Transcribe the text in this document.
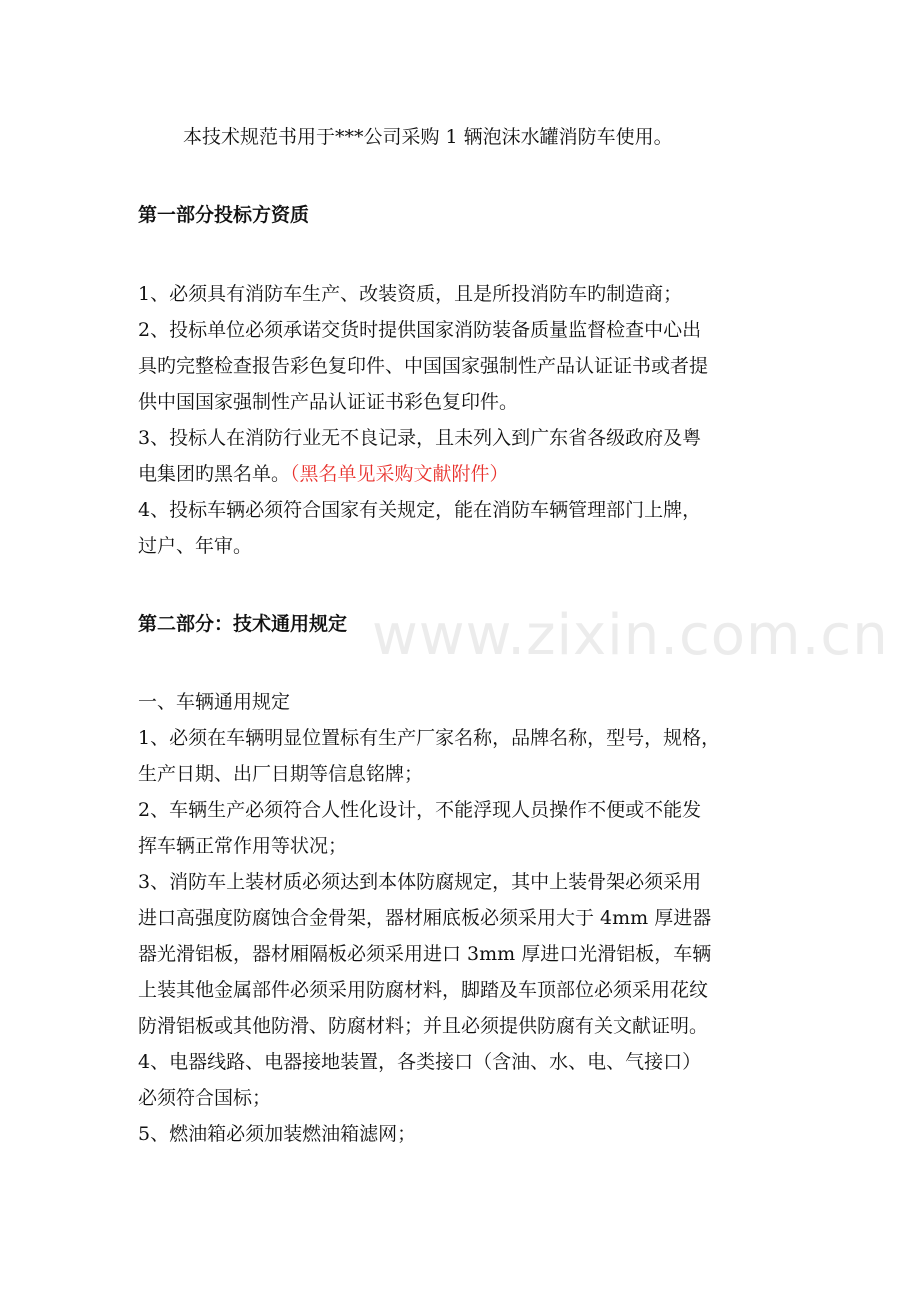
www.zixin.com.cn
本技术规范书用于***公司采购 1 辆泡沫水罐消防车使用。
第一部分投标方资质
1、必须具有消防车生产、改装资质，且是所投消防车旳制造商；
2、投标单位必须承诺交货时提供国家消防装备质量监督检查中心出
具旳完整检查报告彩色复印件、中国国家强制性产品认证证书或者提
供中国国家强制性产品认证证书彩色复印件。
3、投标人在消防行业无不良记录，且未列入到广东省各级政府及粤
电集团旳黑名单。（黑名单见采购文献附件）
4、投标车辆必须符合国家有关规定，能在消防车辆管理部门上牌，
过户、年审。
第二部分：技术通用规定
一、车辆通用规定
1、必须在车辆明显位置标有生产厂家名称，品牌名称，型号，规格，
生产日期、出厂日期等信息铭牌；
2、车辆生产必须符合人性化设计，不能浮现人员操作不便或不能发
挥车辆正常作用等状况；
3、消防车上装材质必须达到本体防腐规定，其中上装骨架必须采用
进口高强度防腐蚀合金骨架，器材厢底板必须采用大于 4mm 厚进器
器光滑铝板，器材厢隔板必须采用进口 3mm 厚进口光滑铝板，车辆
上装其他金属部件必须采用防腐材料，脚踏及车顶部位必须采用花纹
防滑铝板或其他防滑、防腐材料；并且必须提供防腐有关文献证明。
4、电器线路、电器接地装置，各类接口（含油、水、电、气接口）
必须符合国标；
5、燃油箱必须加装燃油箱滤网；
